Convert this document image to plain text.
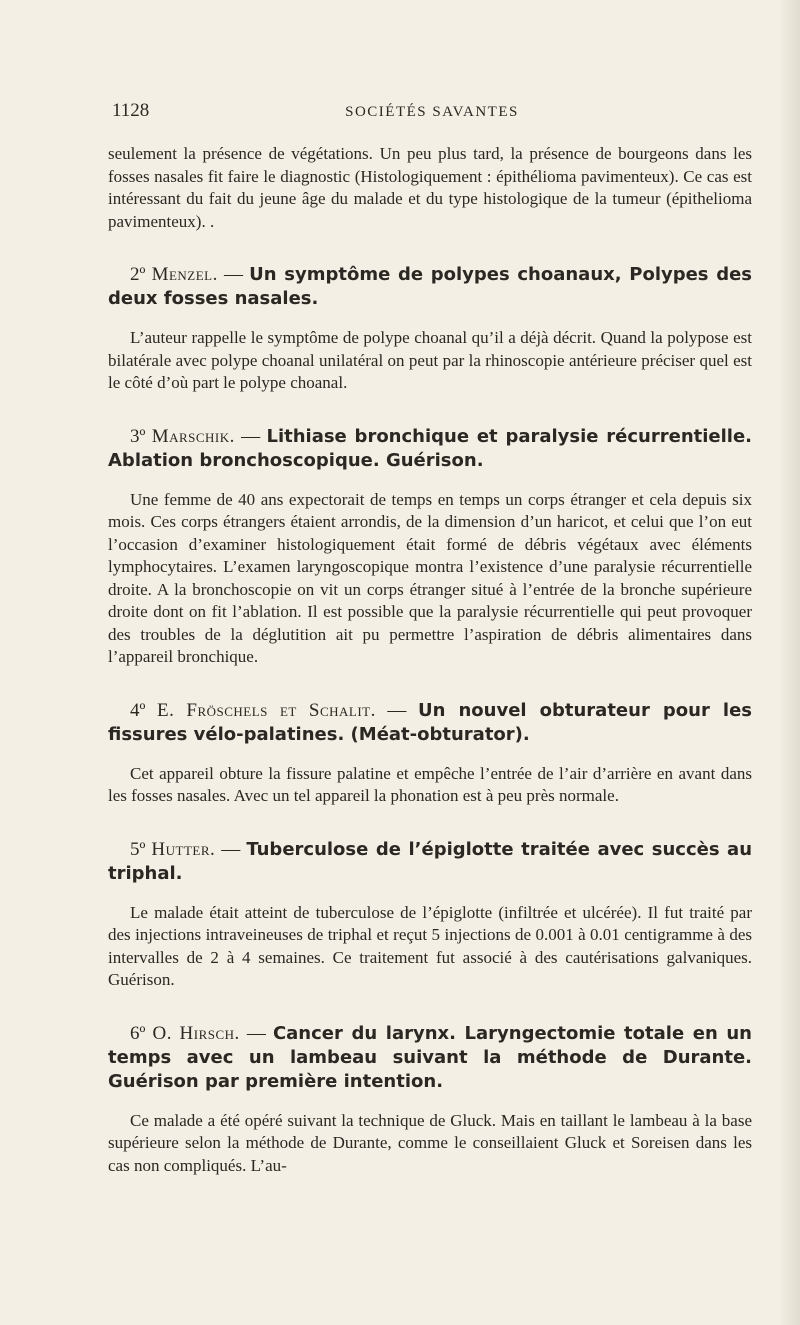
1128	SOCIÉTÉS SAVANTES

seulement la présence de végétations. Un peu plus tard, la présence de bourgeons dans les fosses nasales fit faire le diagnostic (Histologiquement : épithélioma pavimenteux). Ce cas est intéressant du fait du jeune âge du malade et du type histologique de la tumeur (épithelioma pavimenteux). .

2º Menzel. — Un symptôme de polypes choanaux, Polypes des deux fosses nasales.

L’auteur rappelle le symptôme de polype choanal qu’il a déjà décrit. Quand la polypose est bilatérale avec polype choanal unilatéral on peut par la rhinoscopie antérieure préciser quel est le côté d’où part le polype choanal.

3º Marschik. — Lithiase bronchique et paralysie récurrentielle. Ablation bronchoscopique. Guérison.

Une femme de 40 ans expectorait de temps en temps un corps étranger et cela depuis six mois. Ces corps étrangers étaient arrondis, de la dimension d’un haricot, et celui que l’on eut l’occasion d’examiner histologiquement était formé de débris végétaux avec éléments lymphocytaires. L’examen laryngoscopique montra l’existence d’une paralysie récurrentielle droite. A la bronchoscopie on vit un corps étranger situé à l’entrée de la bronche supérieure droite dont on fit l’ablation. Il est possible que la paralysie récurrentielle qui peut provoquer des troubles de la déglutition ait pu permettre l’aspiration de débris alimentaires dans l’appareil bronchique.

4º E. Fröschels et Schalit. — Un nouvel obturateur pour les fissures vélo-palatines. (Méat-obturator).

Cet appareil obture la fissure palatine et empêche l’entrée de l’air d’arrière en avant dans les fosses nasales. Avec un tel appareil la phonation est à peu près normale.

5º Hutter. — Tuberculose de l’épiglotte traitée avec succès au triphal.

Le malade était atteint de tuberculose de l’épiglotte (infiltrée et ulcérée). Il fut traité par des injections intraveineuses de triphal et reçut 5 injections de 0.001 à 0.01 centigramme à des intervalles de 2 à 4 semaines. Ce traitement fut associé à des cautérisations galvaniques. Guérison.

6º O. Hirsch. — Cancer du larynx. Laryngectomie totale en un temps avec un lambeau suivant la méthode de Durante. Guérison par première intention.

Ce malade a été opéré suivant la technique de Gluck. Mais en taillant le lambeau à la base supérieure selon la méthode de Durante, comme le conseillaient Gluck et Soreisen dans les cas non compliqués. L’au-
